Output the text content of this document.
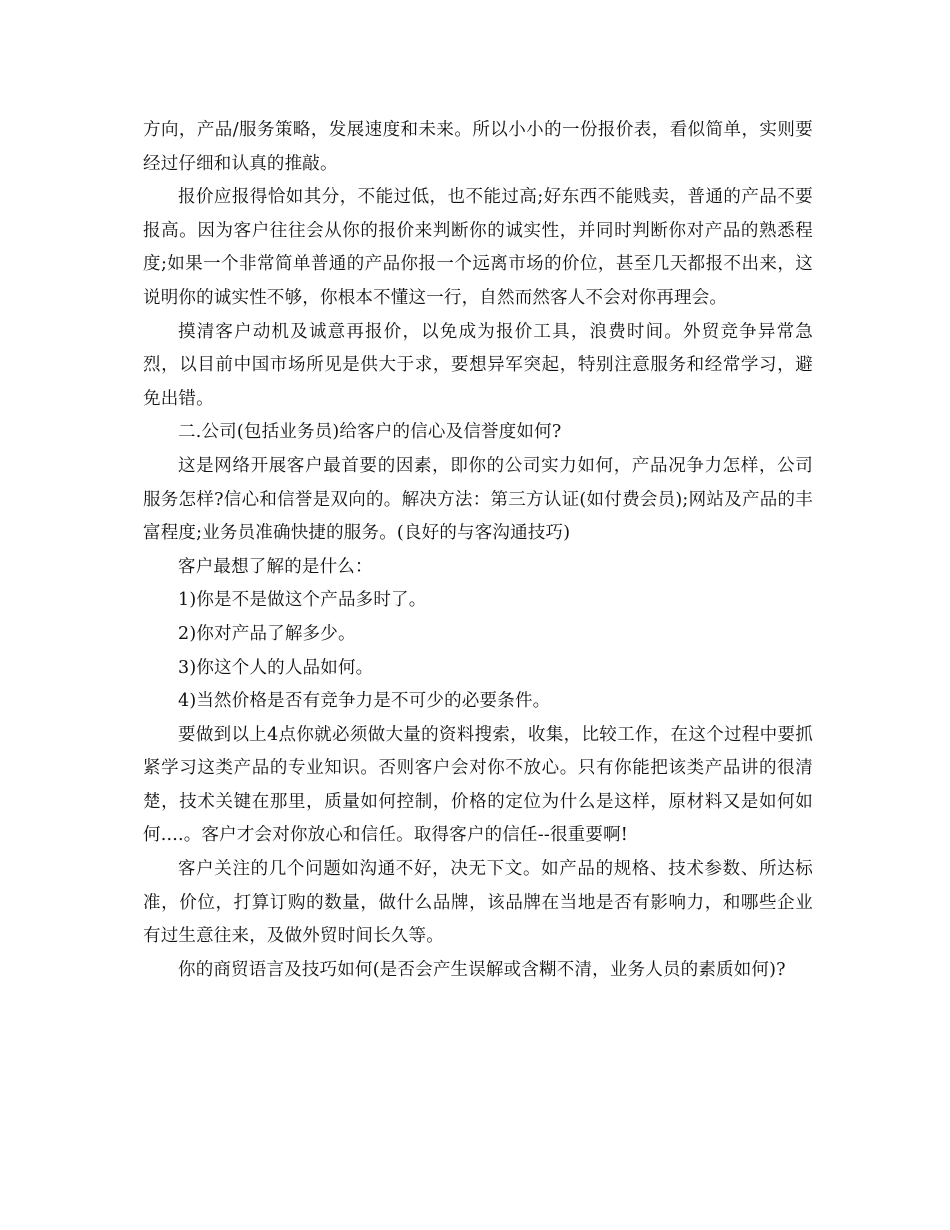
方向，产品/服务策略，发展速度和未来。所以小小的一份报价表，看似简单，实则要经过仔细和认真的推敲。

报价应报得恰如其分，不能过低，也不能过高;好东西不能贱卖，普通的产品不要报高。因为客户往往会从你的报价来判断你的诚实性，并同时判断你对产品的熟悉程度;如果一个非常简单普通的产品你报一个远离市场的价位，甚至几天都报不出来，这说明你的诚实性不够，你根本不懂这一行，自然而然客人不会对你再理会。

摸清客户动机及诚意再报价，以免成为报价工具，浪费时间。外贸竞争异常急烈，以目前中国市场所见是供大于求，要想异军突起，特别注意服务和经常学习，避免出错。

二.公司(包括业务员)给客户的信心及信誉度如何?

这是网络开展客户最首要的因素，即你的公司实力如何，产品况争力怎样，公司服务怎样?信心和信誉是双向的。解决方法：第三方认证(如付费会员);网站及产品的丰富程度;业务员准确快捷的服务。(良好的与客沟通技巧)

客户最想了解的是什么：

1)你是不是做这个产品多时了。

2)你对产品了解多少。

3)你这个人的人品如何。

4)当然价格是否有竞争力是不可少的必要条件。

要做到以上4点你就必须做大量的资料搜索，收集，比较工作，在这个过程中要抓紧学习这类产品的专业知识。否则客户会对你不放心。只有你能把该类产品讲的很清楚，技术关键在那里，质量如何控制，价格的定位为什么是这样，原材料又是如何如何....。客户才会对你放心和信任。取得客户的信任--很重要啊!

客户关注的几个问题如沟通不好，决无下文。如产品的规格、技术参数、所达标准，价位，打算订购的数量，做什么品牌，该品牌在当地是否有影响力，和哪些企业有过生意往来，及做外贸时间长久等。

你的商贸语言及技巧如何(是否会产生误解或含糊不清，业务人员的素质如何)?
